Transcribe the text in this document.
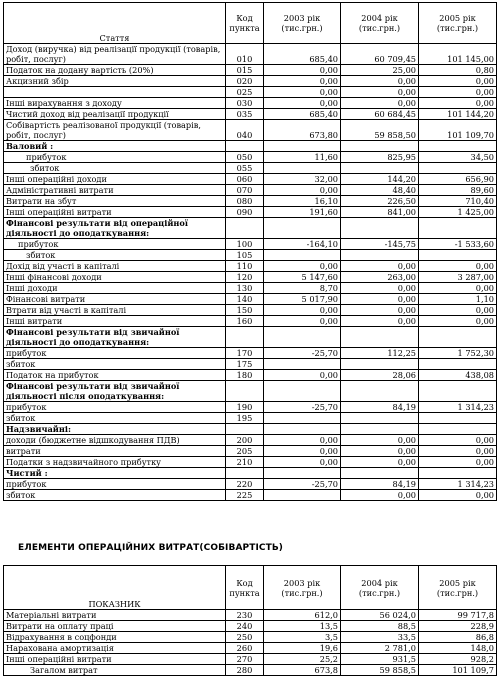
Стаття	Код пункта	2003 рік (тис.грн.)	2004 рік (тис.грн.)	2005 рік (тис.грн.)
Доход (виручка) від реалізації продукції (товарів, робіт, послуг)	010	685,40	60 709,45	101 145,00
Податок на додану вартість (20%)	015	0,00	25,00	0,80
Акцизний збір	020	0,00	0,00	0,00
	025	0,00	0,00	0,00
Інші вирахування з доходу	030	0,00	0,00	0,00
Чистий доход від реалізації продукції	035	685,40	60 684,45	101 144,20
Собівартість реалізованої продукції (товарів, робіт, послуг)	040	673,80	59 858,50	101 109,70
Валовий :				
прибуток	050	11,60	825,95	34,50
збиток	055			
Інші операційні доходи	060	32,00	144,20	656,90
Адміністративні витрати	070	0,00	48,40	89,60
Витрати на збут	080	16,10	226,50	710,40
Інші операційні витрати	090	191,60	841,00	1 425,00
Фінансові результати від операційної діяльності до оподаткування:				
прибуток	100	-164,10	-145,75	-1 533,60
збиток	105			
Дохід від участі в капіталі	110	0,00	0,00	0,00
Інші фінансові доходи	120	5 147,60	263,00	3 287,00
Інші доходи	130	8,70	0,00	0,00
Фінансові витрати	140	5 017,90	0,00	1,10
Втрати від участі в капіталі	150	0,00	0,00	0,00
Інші витрати	160	0,00	0,00	0,00
Фінансові результати від звичайної діяльності до оподаткування:				
прибуток	170	-25,70	112,25	1 752,30
збиток	175			
Податок на прибуток	180	0,00	28,06	438,08
Фінансові результати від звичайної діяльності після оподаткування:				
прибуток	190	-25,70	84,19	1 314,23
збиток	195			
Надзвичайні:				
доходи (бюджетне відшкодування ПДВ)	200	0,00	0,00	0,00
витрати	205	0,00	0,00	0,00
Податки з надзвичайного прибутку	210	0,00	0,00	0,00
Чистий :				
прибуток	220	-25,70	84,19	1 314,23
збиток	225		0,00	0,00
ЕЛЕМЕНТИ ОПЕРАЦІЙНИХ ВИТРАТ(СОБІВАРТІСТЬ)
ПОКАЗНИК	Код пункта	2003 рік (тис.грн.)	2004 рік (тис.грн.)	2005 рік (тис.грн.)
Матеріальні витрати	230	612,0	56 024,0	99 717,8
Витрати на оплату праці	240	13,5	88,5	228,9
Відрахування в соцфонди	250	3,5	33,5	86,8
Нарахована амортизація	260	19,6	2 781,0	148,0
Інші операційні витрати	270	25,2	931,5	928,2
Загалом витрат	280	673,8	59 858,5	101 109,7
